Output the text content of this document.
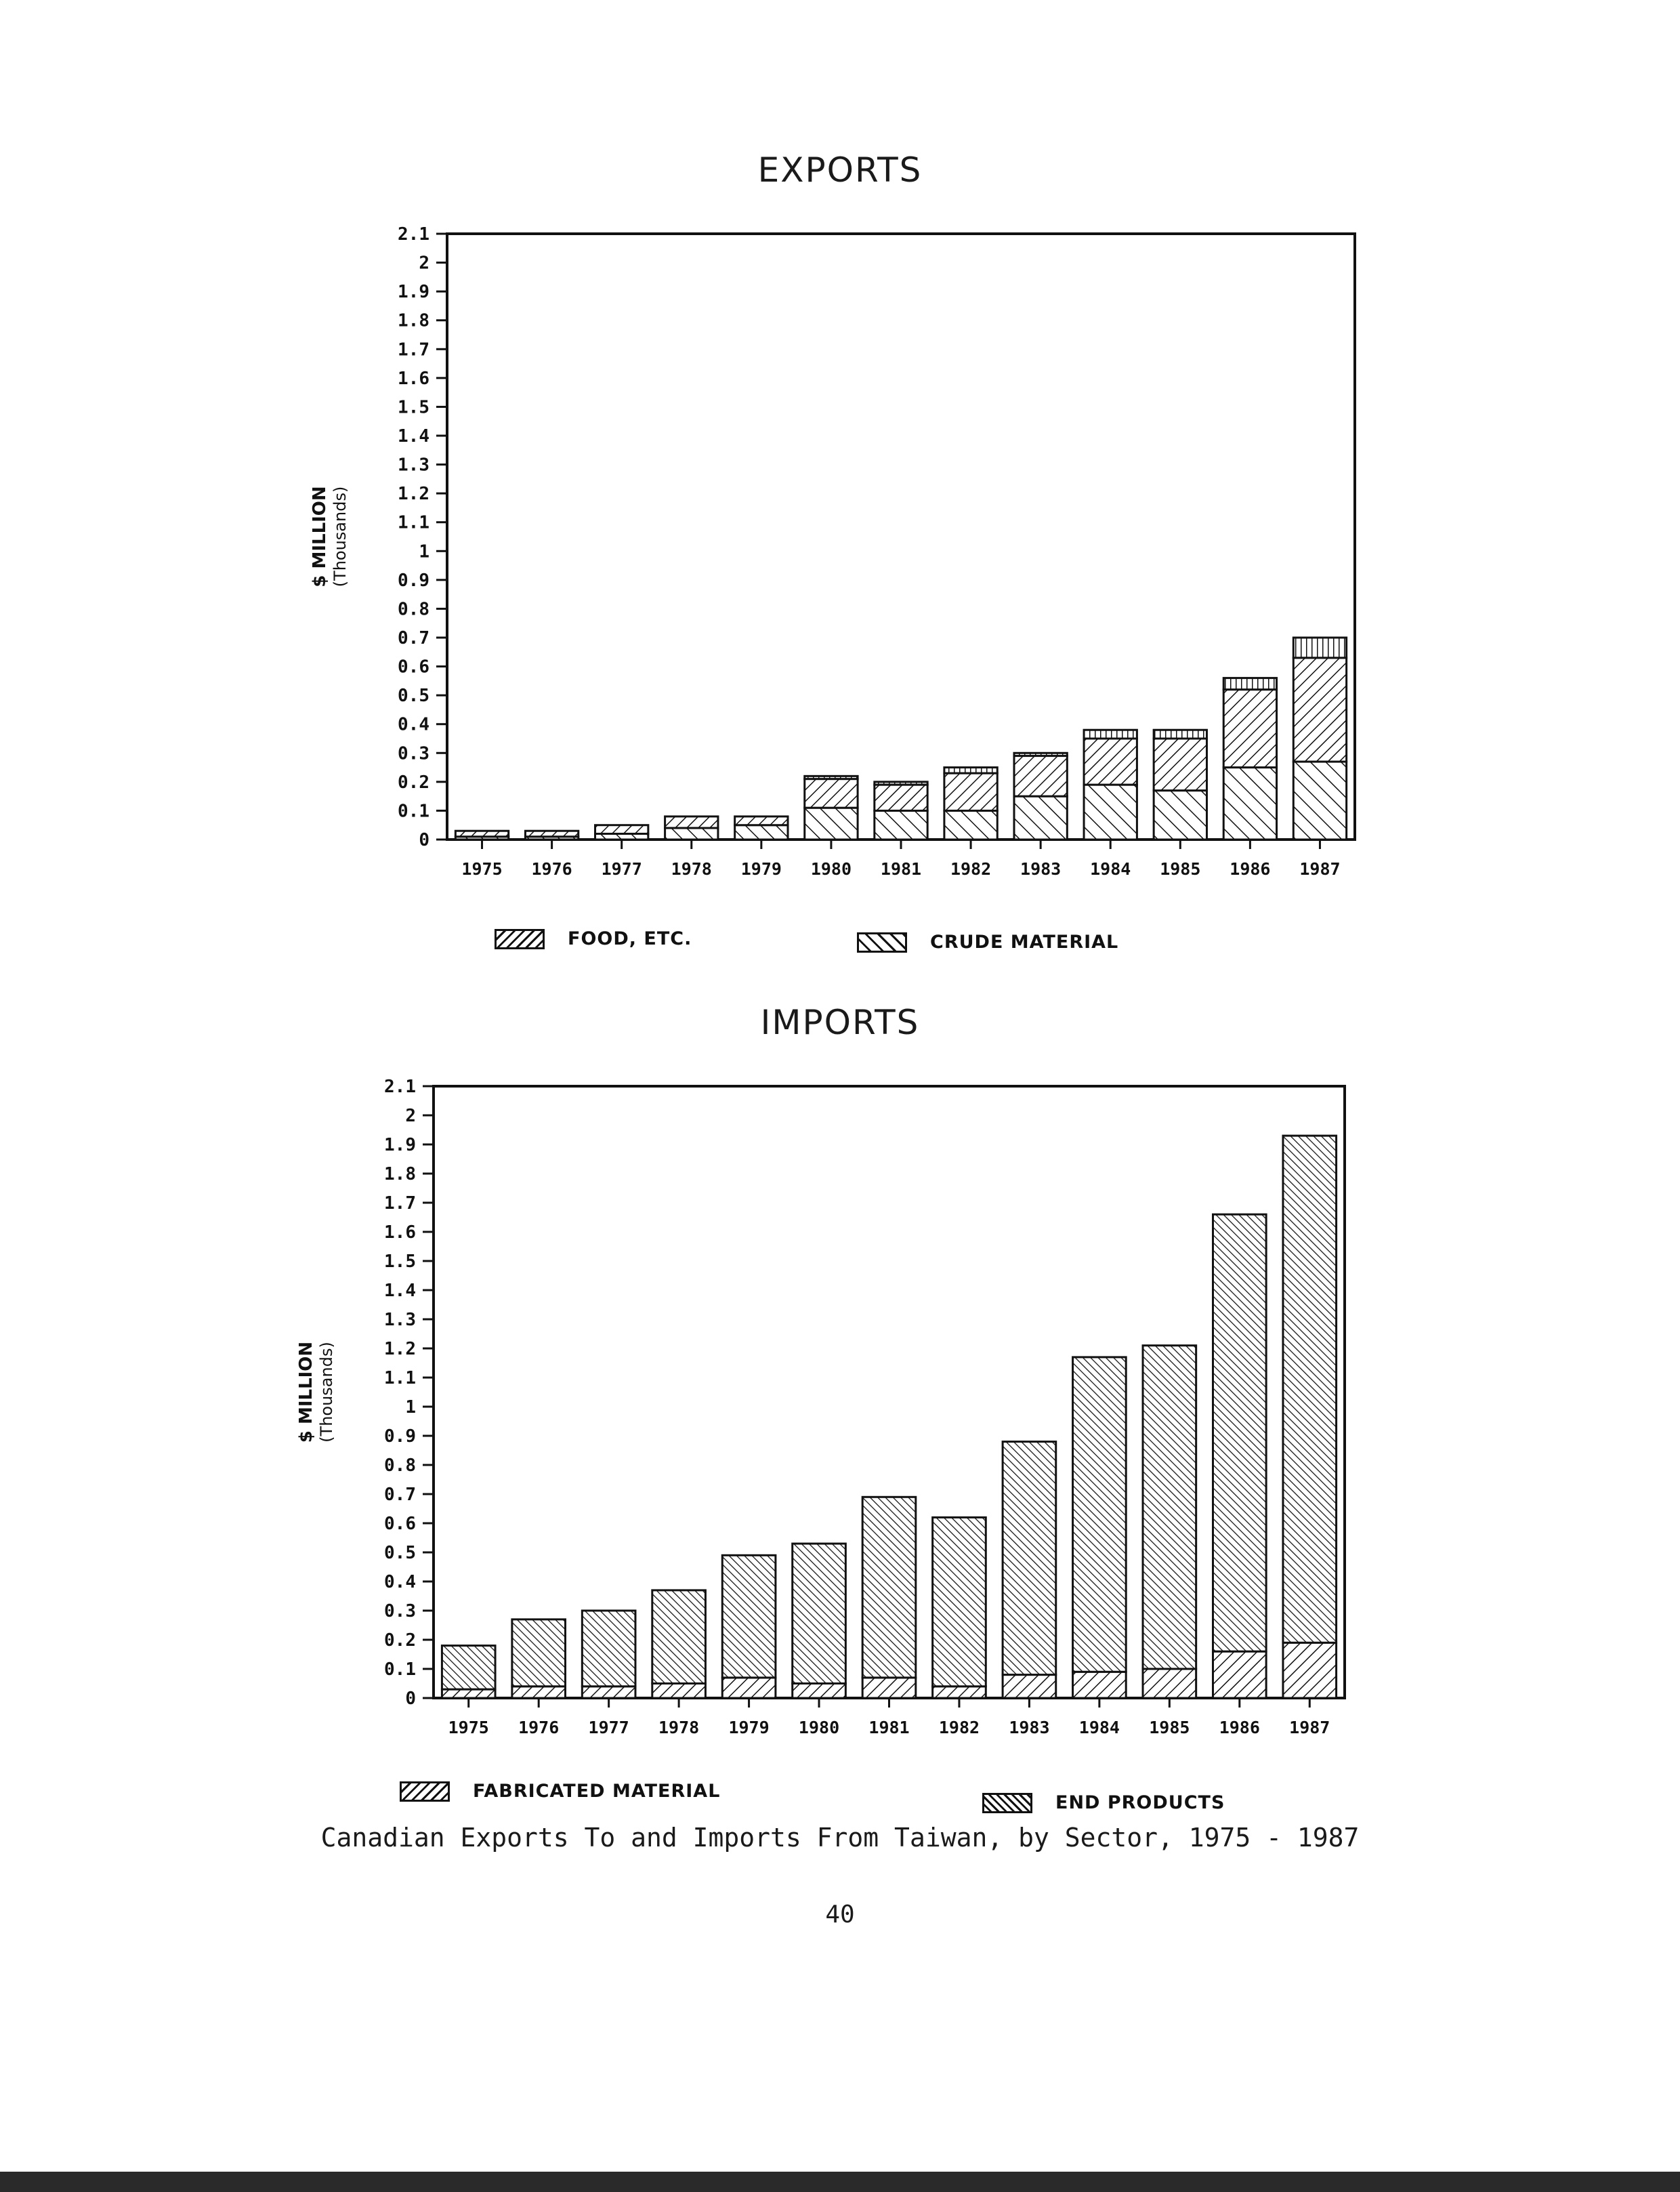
EXPORTS
0
0.1
0.2
0.3
0.4
0.5
0.6
0.7
0.8
0.9
1
1.1
1.2
1.3
1.4
1.5
1.6
1.7
1.8
1.9
2
2.1
$ MILLION (Thousands)
1975 1976 1977 1978 1979 1980 1981 1982 1983 1984 1985 1986 1987
FOOD, ETC.	CRUDE MATERIAL
IMPORTS
0
0.1
0.2
0.3
0.4
0.5
0.6
0.7
0.8
0.9
1
1.1
1.2
1.3
1.4
1.5
1.6
1.7
1.8
1.9
2
2.1
$ MILLION (Thousands)
1975 1976 1977 1978 1979 1980 1981 1982 1983 1984 1985 1986 1987
FABRICATED MATERIAL
END PRODUCTS
Canadian Exports To and Imports From Taiwan, by Sector, 1975 - 1987
40
